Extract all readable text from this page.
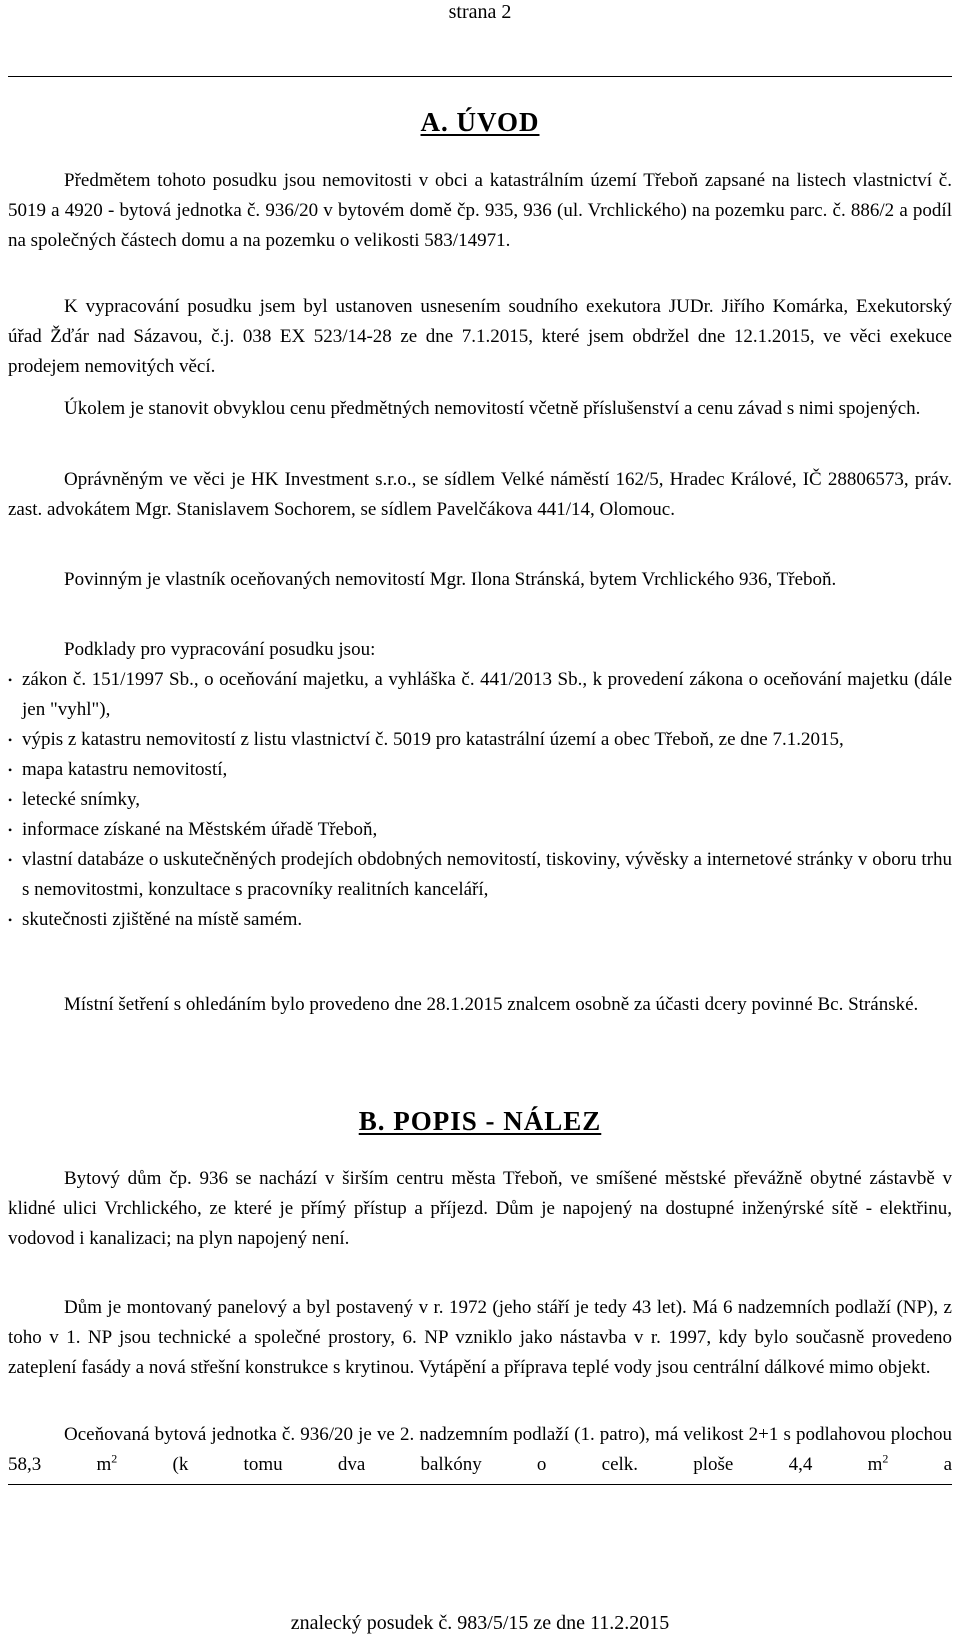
strana 2
A. ÚVOD

Předmětem tohoto posudku jsou nemovitosti v obci a katastrálním území Třeboň zapsané na listech vlastnictví č. 5019 a 4920 - bytová jednotka č. 936/20 v bytovém domě čp. 935, 936 (ul. Vrchlického) na pozemku parc. č. 886/2 a podíl na společných částech domu a na pozemku o velikosti 583/14971.

K vypracování posudku jsem byl ustanoven usnesením soudního exekutora JUDr. Jiřího Komárka, Exekutorský úřad Žďár nad Sázavou, č.j. 038 EX 523/14-28 ze dne 7.1.2015, které jsem obdržel dne 12.1.2015, ve věci exekuce prodejem nemovitých věcí.

Úkolem je stanovit obvyklou cenu předmětných nemovitostí včetně příslušenství a cenu závad s nimi spojených.

Oprávněným ve věci je HK Investment s.r.o., se sídlem Velké náměstí 162/5, Hradec Králové, IČ 28806573, práv. zast. advokátem Mgr. Stanislavem Sochorem, se sídlem Pavelčákova 441/14, Olomouc.

Povinným je vlastník oceňovaných nemovitostí Mgr. Ilona Stránská, bytem Vrchlického 936, Třeboň.

Podklady pro vypracování posudku jsou:

• zákon č. 151/1997 Sb., o oceňování majetku, a vyhláška č. 441/2013 Sb., k provedení zákona o oceňování majetku (dále jen "vyhl"),
• výpis z katastru nemovitostí z listu vlastnictví č. 5019 pro katastrální území a obec Třeboň, ze dne 7.1.2015,
• mapa katastru nemovitostí,
• letecké snímky,
• informace získané na Městském úřadě Třeboň,
• vlastní databáze o uskutečněných prodejích obdobných nemovitostí, tiskoviny, vývěsky a internetové stránky v oboru trhu s nemovitostmi, konzultace s pracovníky realitních kanceláří,
• skutečnosti zjištěné na místě samém.

Místní šetření s ohledáním bylo provedeno dne 28.1.2015 znalcem osobně za účasti dcery povinné Bc. Stránské.

B. POPIS - NÁLEZ

Bytový dům čp. 936 se nachází v širším centru města Třeboň, ve smíšené městské převážně obytné zástavbě v klidné ulici Vrchlického, ze které je přímý přístup a příjezd. Dům je napojený na dostupné inženýrské sítě - elektřinu, vodovod i kanalizaci; na plyn napojený není.

Dům je montovaný panelový a byl postavený v r. 1972 (jeho stáří je tedy 43 let). Má 6 nadzemních podlaží (NP), z toho v 1. NP jsou technické a společné prostory, 6. NP vzniklo jako nástavba v r. 1997, kdy bylo současně provedeno zateplení fasády a nová střešní konstrukce s krytinou. Vytápění a příprava teplé vody jsou centrální dálkové mimo objekt.

Oceňovaná bytová jednotka č. 936/20 je ve 2. nadzemním podlaží (1. patro), má velikost 2+1 s podlahovou plochou 58,3 $m^2$ (k tomu dva balkóny o celk. ploše 4,4 $m^2$ a

znalecký posudek č. 983/5/15 ze dne 11.2.2015
